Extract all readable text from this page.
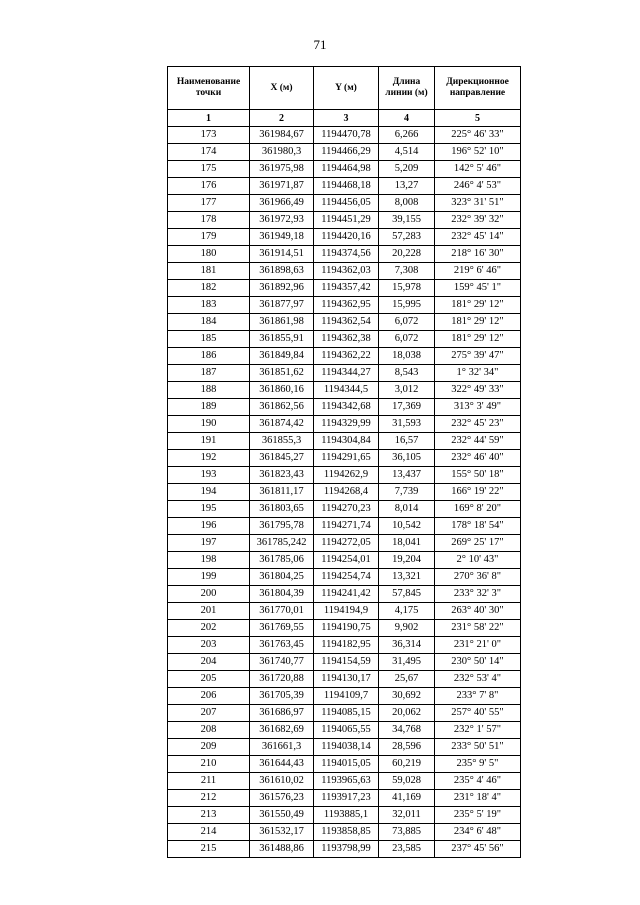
71
Наименование точки	X (м)	Y (м)	Длина линии (м)	Дирекционное направление
1	2	3	4	5
173	361984,67	1194470,78	6,266	225° 46' 33"
174	361980,3	1194466,29	4,514	196° 52' 10"
175	361975,98	1194464,98	5,209	142° 5' 46"
176	361971,87	1194468,18	13,27	246° 4' 53"
177	361966,49	1194456,05	8,008	323° 31' 51"
178	361972,93	1194451,29	39,155	232° 39' 32"
179	361949,18	1194420,16	57,283	232° 45' 14"
180	361914,51	1194374,56	20,228	218° 16' 30"
181	361898,63	1194362,03	7,308	219° 6' 46"
182	361892,96	1194357,42	15,978	159° 45' 1"
183	361877,97	1194362,95	15,995	181° 29' 12"
184	361861,98	1194362,54	6,072	181° 29' 12"
185	361855,91	1194362,38	6,072	181° 29' 12"
186	361849,84	1194362,22	18,038	275° 39' 47"
187	361851,62	1194344,27	8,543	1° 32' 34"
188	361860,16	1194344,5	3,012	322° 49' 33"
189	361862,56	1194342,68	17,369	313° 3' 49"
190	361874,42	1194329,99	31,593	232° 45' 23"
191	361855,3	1194304,84	16,57	232° 44' 59"
192	361845,27	1194291,65	36,105	232° 46' 40"
193	361823,43	1194262,9	13,437	155° 50' 18"
194	361811,17	1194268,4	7,739	166° 19' 22"
195	361803,65	1194270,23	8,014	169° 8' 20"
196	361795,78	1194271,74	10,542	178° 18' 54"
197	361785,242	1194272,05	18,041	269° 25' 17"
198	361785,06	1194254,01	19,204	2° 10' 43"
199	361804,25	1194254,74	13,321	270° 36' 8"
200	361804,39	1194241,42	57,845	233° 32' 3"
201	361770,01	1194194,9	4,175	263° 40' 30"
202	361769,55	1194190,75	9,902	231° 58' 22"
203	361763,45	1194182,95	36,314	231° 21' 0"
204	361740,77	1194154,59	31,495	230° 50' 14"
205	361720,88	1194130,17	25,67	232° 53' 4"
206	361705,39	1194109,7	30,692	233° 7' 8"
207	361686,97	1194085,15	20,062	257° 40' 55"
208	361682,69	1194065,55	34,768	232° 1' 57"
209	361661,3	1194038,14	28,596	233° 50' 51"
210	361644,43	1194015,05	60,219	235° 9' 5"
211	361610,02	1193965,63	59,028	235° 4' 46"
212	361576,23	1193917,23	41,169	231° 18' 4"
213	361550,49	1193885,1	32,011	235° 5' 19"
214	361532,17	1193858,85	73,885	234° 6' 48"
215	361488,86	1193798,99	23,585	237° 45' 56"
